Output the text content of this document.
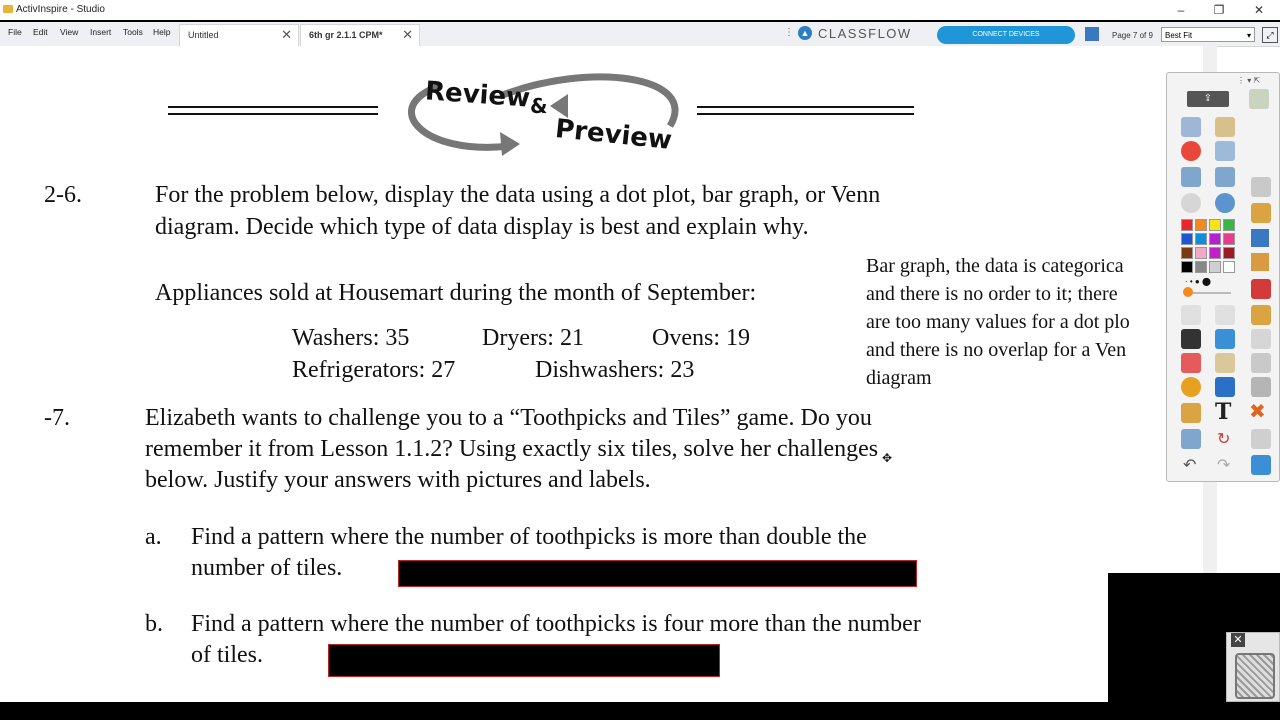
ActivInspire - Studio	–	❐	✕
File Edit View Insert Tools Help Untitled	✕ 6th gr 2.1.1 CPM* ✕	⋮ ▲ CLASSFLOW	CONNECT DEVICES	Page 7 of 9	Best Fit	▾	⤢
Review
&
Preview
2-6.	For the problem below, display the data using a dot plot, bar graph, or Venn
diagram. Decide which type of data display is best and explain why.
Appliances sold at Housemart during the month of September:
Washers: 35	Dryers: 21	Ovens: 19
Refrigerators: 27	Dishwashers: 23
Bar graph, the data is categorica
and there is no order to it; there
are too many values for a dot plo
and there is no overlap for a Ven
diagram
-7.	Elizabeth wants to challenge you to a “Toothpicks and Tiles” game. Do you
remember it from Lesson 1.1.2? Using exactly six tiles, solve her challenges
below. Justify your answers with pictures and labels.
✥
a. Find a pattern where the number of toothpicks is more than double the
number of tiles.
b. Find a pattern where the number of toothpicks is four more than the number
of tiles.
⇪
⋮ ▾ ⇱
· • ● ⬤
T ✖
↻
↶ ↷
✕
